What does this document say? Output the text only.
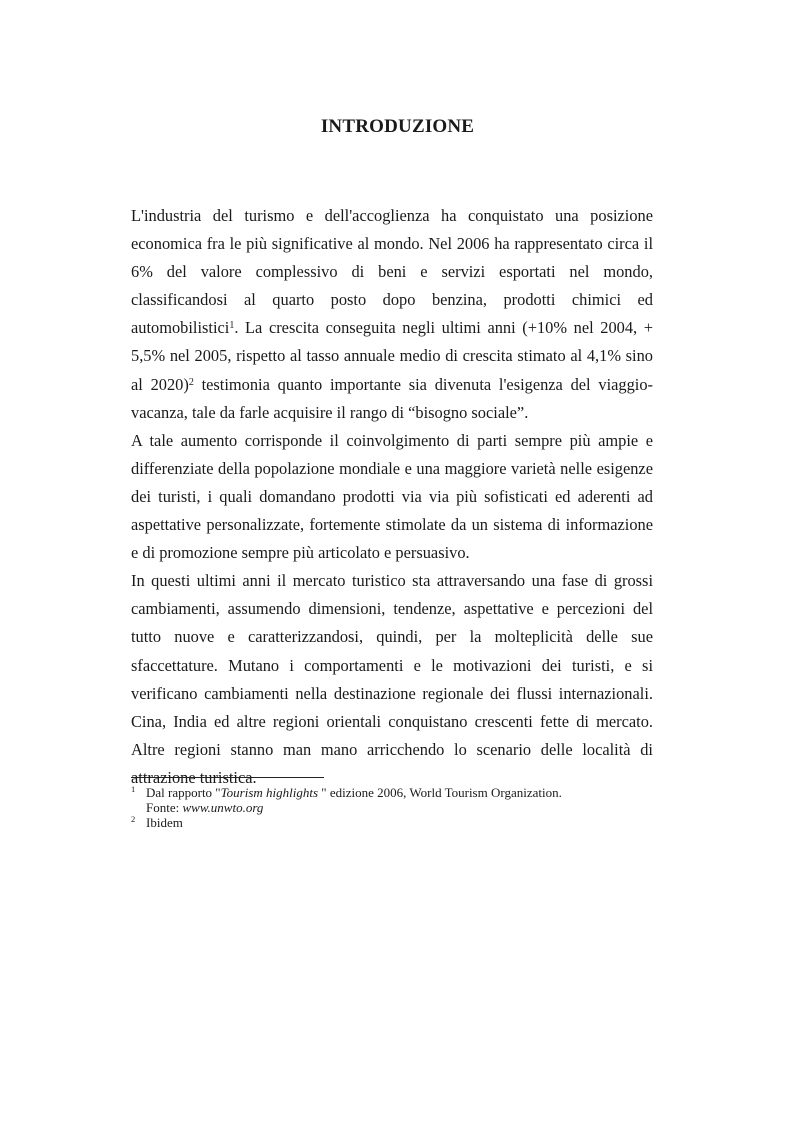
INTRODUZIONE

L'industria del turismo e dell'accoglienza ha conquistato una posizione economica fra le più significative al mondo. Nel 2006 ha rappresentato circa il 6% del valore complessivo di beni e servizi esportati nel mondo, classificandosi al quarto posto dopo benzina, prodotti chimici ed automobilistici$^1$. La crescita conseguita negli ultimi anni (+10% nel 2004, + 5,5% nel 2005, rispetto al tasso annuale medio di crescita stimato al 4,1% sino al 2020)$^2$ testimonia quanto importante sia divenuta l'esigenza del viaggio-vacanza, tale da farle acquisire il rango di “bisogno sociale”.

A tale aumento corrisponde il coinvolgimento di parti sempre più ampie e differenziate della popolazione mondiale e una maggiore varietà nelle esigenze dei turisti, i quali domandano prodotti via via più sofisticati ed aderenti ad aspettative personalizzate, fortemente stimolate da un sistema di informazione e di promozione sempre più articolato e persuasivo.

In questi ultimi anni il mercato turistico sta attraversando una fase di grossi cambiamenti, assumendo dimensioni, tendenze, aspettative e percezioni del tutto nuove e caratterizzandosi, quindi, per la molteplicità delle sue sfaccettature. Mutano i comportamenti e le motivazioni dei turisti, e si verificano cambiamenti nella destinazione regionale dei flussi internazionali. Cina, India ed altre regioni orientali conquistano crescenti fette di mercato. Altre regioni stanno man mano arricchendo lo scenario delle località di attrazione turistica.

1 Dal rapporto "Tourism highlights " edizione 2006, World Tourism Organization.
Fonte: www.unwto.org
2 Ibidem
